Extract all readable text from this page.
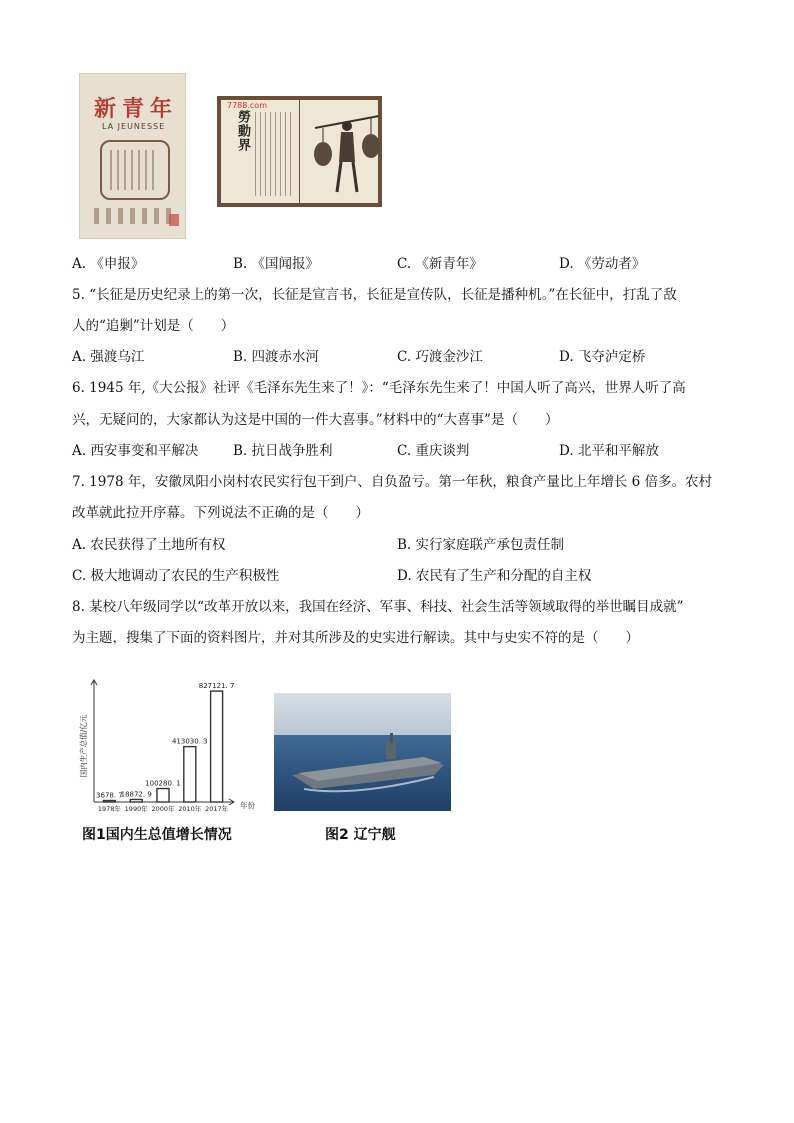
新青年
LA JEUNESSE
7788.com
勞動界
A. 《申报》	B. 《国闻报》	C. 《新青年》	D. 《劳动者》
5. “长征是历史纪录上的第一次，长征是宣言书，长征是宣传队，长征是播种机。”在长征中，打乱了敌
人的“追剿”计划是（　　）
A. 强渡乌江	B. 四渡赤水河	C. 巧渡金沙江	D. 飞夺泸定桥
6. 1945 年,《大公报》社评《毛泽东先生来了！》：“毛泽东先生来了！中国人听了高兴，世界人听了高
兴，无疑问的，大家都认为这是中国的一件大喜事。”材料中的“大喜事”是（　　）
A. 西安事变和平解决	B. 抗日战争胜利	C. 重庆谈判	D. 北平和平解放
7. 1978 年，安徽凤阳小岗村农民实行包干到户、自负盈亏。第一年秋，粮食产量比上年增长 6 倍多。农村
改革就此拉开序幕。下列说法不正确的是（　　）
A. 农民获得了土地所有权	B. 实行家庭联产承包责任制
C. 极大地调动了农民的生产积极性	D. 农民有了生产和分配的自主权
8. 某校八年级同学以“改革开放以来，我国在经济、军事、科技、社会生活等领域取得的举世瞩目成就”
为主题，搜集了下面的资料图片，并对其所涉及的史实进行解读。其中与史实不符的是（　　）
3678. 7
1978年
18872. 9
1990年
100280. 1
2000年
413030. 3
2010年
827121. 7
2017年 年份
国内生产总值/亿元
图1国内生总值增长情况	图2 辽宁舰
